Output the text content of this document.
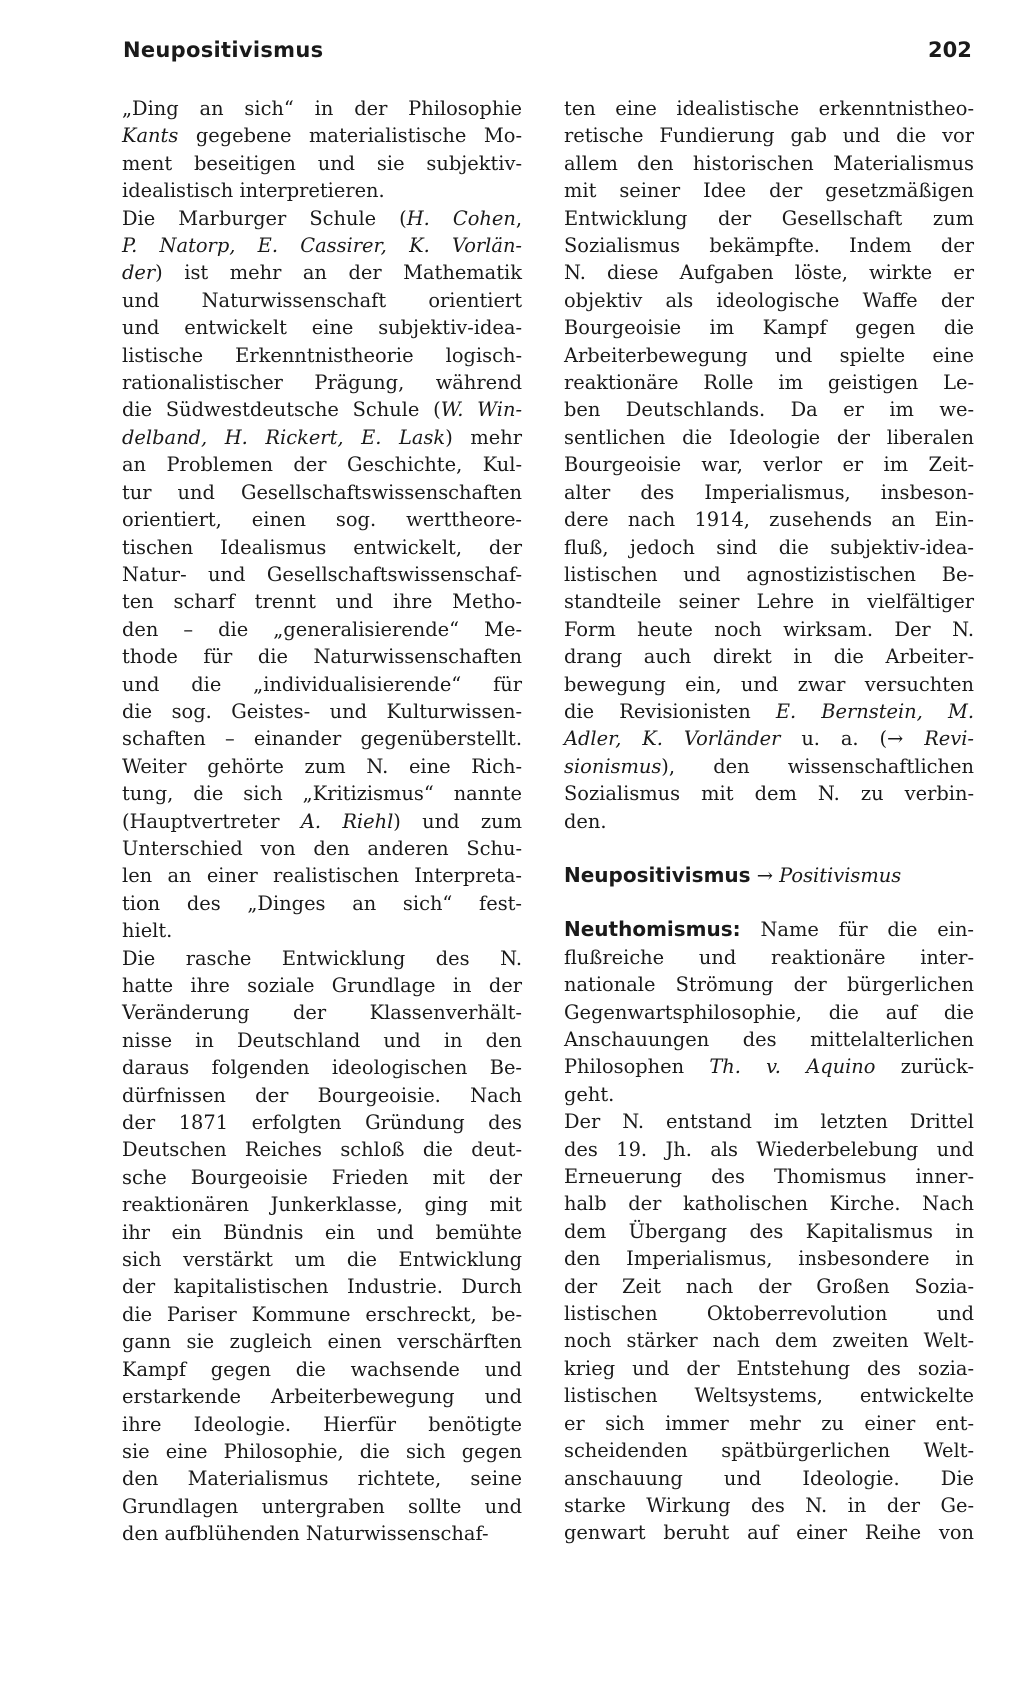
Neupositivismus	202
„Ding an sich“ in der Philosophie
Kants gegebene materialistische Mo-
ment beseitigen und sie subjektiv-
idealistisch interpretieren.
Die Marburger Schule (H. Cohen,
P. Natorp, E. Cassirer, K. Vorlän-
der) ist mehr an der Mathematik
und Naturwissenschaft orientiert
und entwickelt eine subjektiv-idea-
listische Erkenntnistheorie logisch-
rationalistischer Prägung, während
die Südwestdeutsche Schule (W. Win-
delband, H. Rickert, E. Lask) mehr
an Problemen der Geschichte, Kul-
tur und Gesellschaftswissenschaften
orientiert, einen sog. werttheore-
tischen Idealismus entwickelt, der
Natur- und Gesellschaftswissenschaf-
ten scharf trennt und ihre Metho-
den – die „generalisierende“ Me-
thode für die Naturwissenschaften
und die „individualisierende“ für
die sog. Geistes- und Kulturwissen-
schaften – einander gegenüberstellt.
Weiter gehörte zum N. eine Rich-
tung, die sich „Kritizismus“ nannte
(Hauptvertreter A. Riehl) und zum
Unterschied von den anderen Schu-
len an einer realistischen Interpreta-
tion des „Dinges an sich“ fest-
hielt.
Die rasche Entwicklung des N.
hatte ihre soziale Grundlage in der
Veränderung der Klassenverhält-
nisse in Deutschland und in den
daraus folgenden ideologischen Be-
dürfnissen der Bourgeoisie. Nach
der 1871 erfolgten Gründung des
Deutschen Reiches schloß die deut-
sche Bourgeoisie Frieden mit der
reaktionären Junkerklasse, ging mit
ihr ein Bündnis ein und bemühte
sich verstärkt um die Entwicklung
der kapitalistischen Industrie. Durch
die Pariser Kommune erschreckt, be-
gann sie zugleich einen verschärften
Kampf gegen die wachsende und
erstarkende Arbeiterbewegung und
ihre Ideologie. Hierfür benötigte
sie eine Philosophie, die sich gegen
den Materialismus richtete, seine
Grundlagen untergraben sollte und
den aufblühenden Naturwissenschaf-
ten eine idealistische erkenntnistheo-
retische Fundierung gab und die vor
allem den historischen Materialismus
mit seiner Idee der gesetzmäßigen
Entwicklung der Gesellschaft zum
Sozialismus bekämpfte. Indem der
N. diese Aufgaben löste, wirkte er
objektiv als ideologische Waffe der
Bourgeoisie im Kampf gegen die
Arbeiterbewegung und spielte eine
reaktionäre Rolle im geistigen Le-
ben Deutschlands. Da er im we-
sentlichen die Ideologie der liberalen
Bourgeoisie war, verlor er im Zeit-
alter des Imperialismus, insbeson-
dere nach 1914, zusehends an Ein-
fluß, jedoch sind die subjektiv-idea-
listischen und agnostizistischen Be-
standteile seiner Lehre in vielfältiger
Form heute noch wirksam. Der N.
drang auch direkt in die Arbeiter-
bewegung ein, und zwar versuchten
die Revisionisten E. Bernstein, M.
Adler, K. Vorländer u. a. (→ Revi-
sionismus), den wissenschaftlichen
Sozialismus mit dem N. zu verbin-
den.
Neupositivismus → Positivismus
Neuthomismus: Name für die ein-
flußreiche und reaktionäre inter-
nationale Strömung der bürgerlichen
Gegenwartsphilosophie, die auf die
Anschauungen des mittelalterlichen
Philosophen Th. v. Aquino zurück-
geht.
Der N. entstand im letzten Drittel
des 19. Jh. als Wiederbelebung und
Erneuerung des Thomismus inner-
halb der katholischen Kirche. Nach
dem Übergang des Kapitalismus in
den Imperialismus, insbesondere in
der Zeit nach der Großen Sozia-
listischen Oktoberrevolution und
noch stärker nach dem zweiten Welt-
krieg und der Entstehung des sozia-
listischen Weltsystems, entwickelte
er sich immer mehr zu einer ent-
scheidenden spätbürgerlichen Welt-
anschauung und Ideologie. Die
starke Wirkung des N. in der Ge-
genwart beruht auf einer Reihe von
